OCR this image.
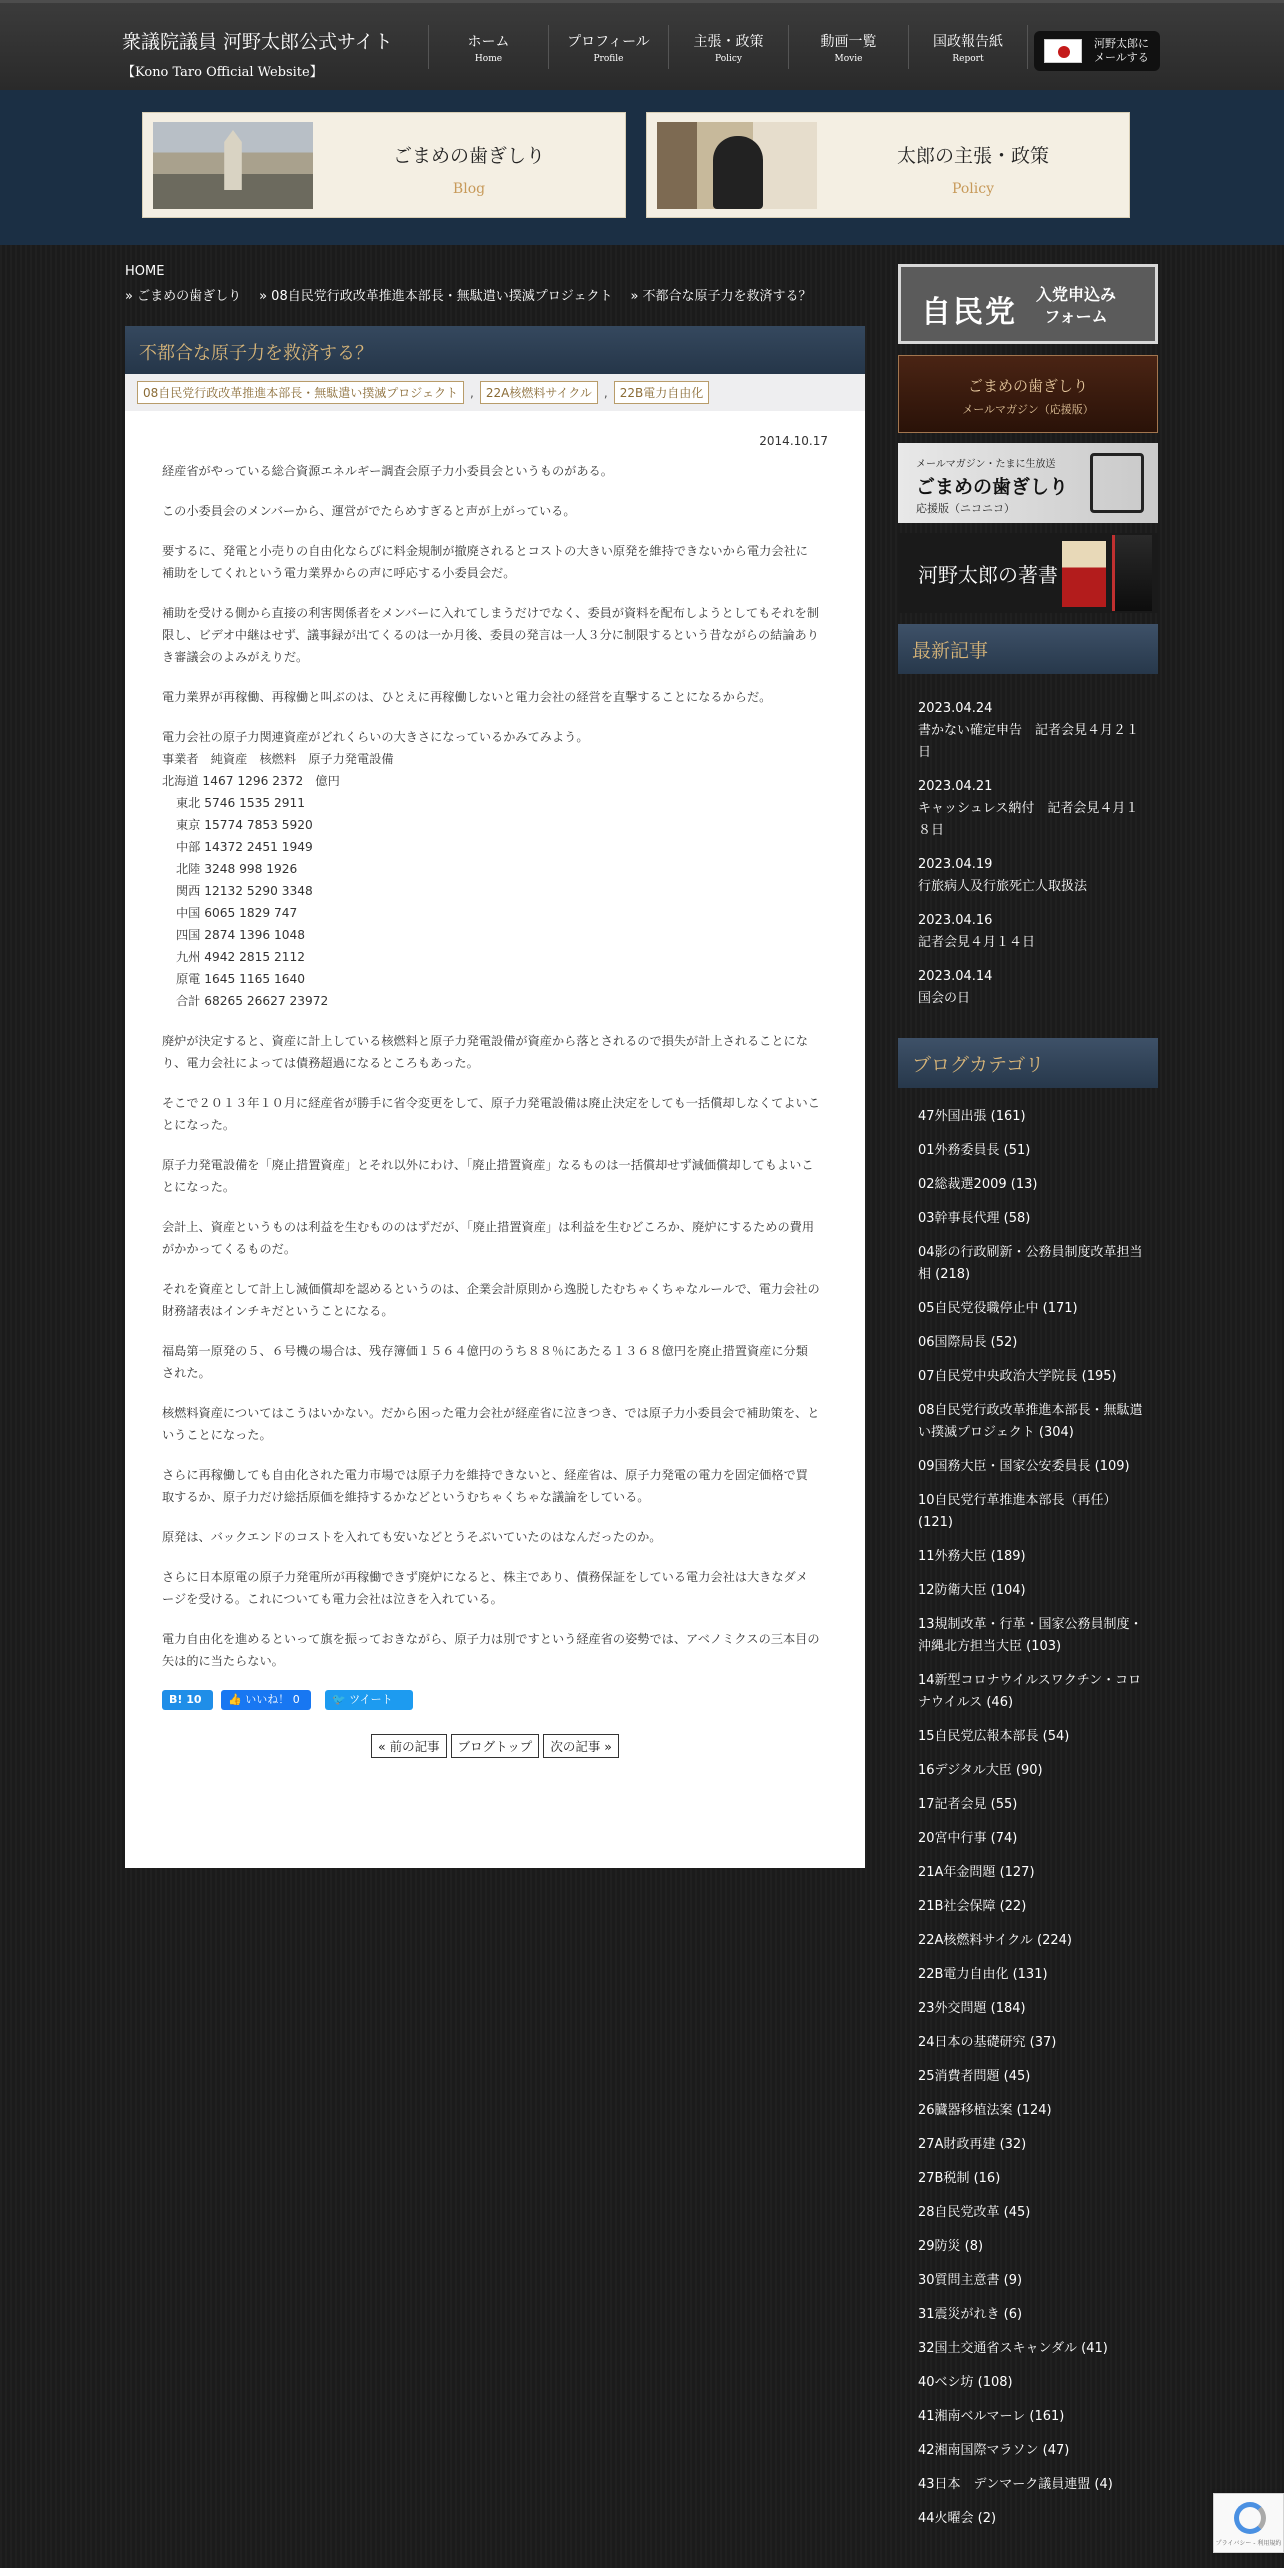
衆議院議員 河野太郎公式サイト
【Kono Taro Official Website】
ホーム
Home
プロフィール
Profile
主張・政策
Policy
動画一覧
Movie
国政報告紙
Report
河野太郎に
メールする
ごまめの歯ぎしり
Blog
太郎の主張・政策
Policy
HOME
» ごまめの歯ぎしり » 08自民党行政改革推進本部長・無駄遣い撲滅プロジェクト » 不都合な原子力を救済する？
不都合な原子力を救済する？
08自民党行政改革推進本部長・無駄遣い撲滅プロジェクト	,	22A核燃料サイクル	,	22B電力自由化
2014.10.17

経産省がやっている総合資源エネルギー調査会原子力小委員会というものがある。

この小委員会のメンバーから、運営がでたらめすぎると声が上がっている。

要するに、発電と小売りの自由化ならびに料金規制が撤廃されるとコストの大きい原発を維持できないから電力会社に補助をしてくれという電力業界からの声に呼応する小委員会だ。

補助を受ける側から直接の利害関係者をメンバーに入れてしまうだけでなく、委員が資料を配布しようとしてもそれを制限し、ビデオ中継はせず、議事録が出てくるのは一か月後、委員の発言は一人３分に制限するという昔ながらの結論ありき審議会のよみがえりだ。

電力業界が再稼働、再稼働と叫ぶのは、ひとえに再稼働しないと電力会社の経営を直撃することになるからだ。

電力会社の原子力関連資産がどれくらいの大きさになっているかみてみよう。
事業者　純資産　核燃料　原子力発電設備
北海道 1467 1296 2372　億円
東北 5746 1535 2911
東京 15774 7853 5920
中部 14372 2451 1949
北陸 3248 998 1926
関西 12132 5290 3348
中国 6065 1829 747
四国 2874 1396 1048
九州 4942 2815 2112
原電 1645 1165 1640
合計 68265 26627 23972

廃炉が決定すると、資産に計上している核燃料と原子力発電設備が資産から落とされるので損失が計上されることになり、電力会社によっては債務超過になるところもあった。

そこで２０１３年１０月に経産省が勝手に省令変更をして、原子力発電設備は廃止決定をしても一括償却しなくてよいことになった。

原子力発電設備を「廃止措置資産」とそれ以外にわけ、「廃止措置資産」なるものは一括償却せず減価償却してもよいことになった。

会計上、資産というものは利益を生むもののはずだが、「廃止措置資産」は利益を生むどころか、廃炉にするための費用がかかってくるものだ。

それを資産として計上し減価償却を認めるというのは、企業会計原則から逸脱したむちゃくちゃなルールで、電力会社の財務諸表はインチキだということになる。

福島第一原発の５、６号機の場合は、残存簿価１５６４億円のうち８８％にあたる１３６８億円を廃止措置資産に分類された。

核燃料資産についてはこうはいかない。だから困った電力会社が経産省に泣きつき、では原子力小委員会で補助策を、ということになった。

さらに再稼働しても自由化された電力市場では原子力を維持できないと、経産省は、原子力発電の電力を固定価格で買取するか、原子力だけ総括原価を維持するかなどというむちゃくちゃな議論をしている。

原発は、バックエンドのコストを入れても安いなどとうそぶいていたのはなんだったのか。

さらに日本原電の原子力発電所が再稼働できず廃炉になると、株主であり、債務保証をしている電力会社は大きなダメージを受ける。これについても電力会社は泣きを入れている。

電力自由化を進めるといって旗を振っておきながら、原子力は別ですという経産省の姿勢では、アベノミクスの三本目の矢は的に当たらない。

B! 10	👍 いいね！ 0	🐦 ツイート
« 前の記事	ブログトップ	次の記事 »
自民党
入党申込み
フォーム
ごまめの歯ぎしり
メールマガジン（応援版）
メールマガジン・たまに生放送
ごまめの歯ぎしり
応援版（ニコニコ）
河野太郎の著書
最新記事
2023.04.24
書かない確定申告　記者会見４月２１日
2023.04.21
キャッシュレス納付　記者会見４月１８日
2023.04.19
行旅病人及行旅死亡人取扱法
2023.04.16
記者会見４月１４日
2023.04.14
国会の日
ブログカテゴリ
47外国出張 (161)
01外務委員長 (51)
02総裁選2009 (13)
03幹事長代理 (58)
04影の行政刷新・公務員制度改革担当相 (218)
05自民党役職停止中 (171)
06国際局長 (52)
07自民党中央政治大学院長 (195)
08自民党行政改革推進本部長・無駄遣い撲滅プロジェクト (304)
09国務大臣・国家公安委員長 (109)
10自民党行革推進本部長（再任） (121)
11外務大臣 (189)
12防衛大臣 (104)
13規制改革・行革・国家公務員制度・沖縄北方担当大臣 (103)
14新型コロナウイルスワクチン・コロナウイルス (46)
15自民党広報本部長 (54)
16デジタル大臣 (90)
17記者会見 (55)
20宮中行事 (74)
21A年金問題 (127)
21B社会保障 (22)
22A核燃料サイクル (224)
22B電力自由化 (131)
23外交問題 (184)
24日本の基礎研究 (37)
25消費者問題 (45)
26臓器移植法案 (124)
27A財政再建 (32)
27B税制 (16)
28自民党改革 (45)
29防災 (8)
30質問主意書 (9)
31震災がれき (6)
32国土交通省スキャンダル (41)
40ベシ坊 (108)
41湘南ベルマーレ (161)
42湘南国際マラソン (47)
43日本　デンマーク議員連盟 (4)
44火曜会 (2)
プライバシー - 利用規約
